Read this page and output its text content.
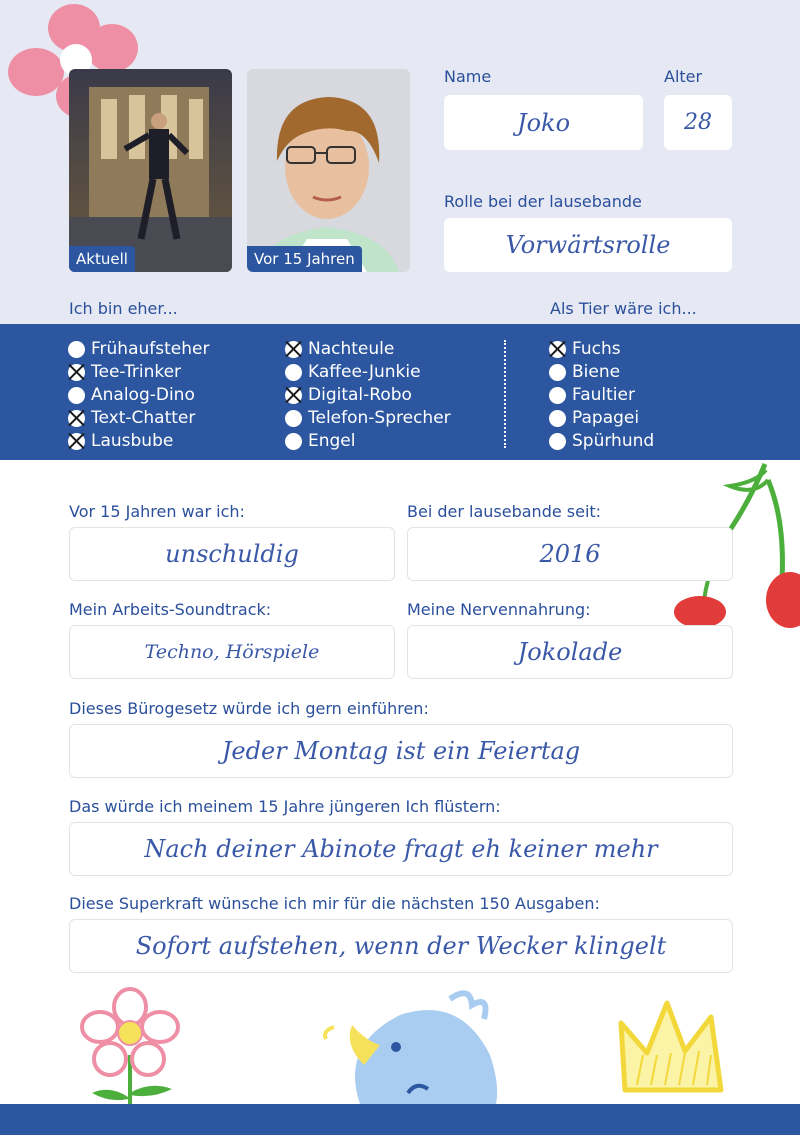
Aktuell	Vor 15 Jahren
Name
Joko
Alter
28
Rolle bei der lausebande
Vorwärtsrolle
Ich bin eher...	Als Tier wäre ich...
Frühaufsteher
Tee-Trinker
Analog-Dino
Text-Chatter
Lausbube
Nachteule
Kaffee-Junkie
Digital-Robo
Telefon-Sprecher
Engel
Fuchs
Biene
Faultier
Papagei
Spürhund
Vor 15 Jahren war ich:
unschuldig
Bei der lausebande seit:
2016
Mein Arbeits-Soundtrack:
Techno, Hörspiele
Meine Nervennahrung:
Jokolade
Dieses Bürogesetz würde ich gern einführen:
Jeder Montag ist ein Feiertag
Das würde ich meinem 15 Jahre jüngeren Ich flüstern:
Nach deiner Abinote fragt eh keiner mehr
Diese Superkraft wünsche ich mir für die nächsten 150 Ausgaben:
Sofort aufstehen, wenn der Wecker klingelt
